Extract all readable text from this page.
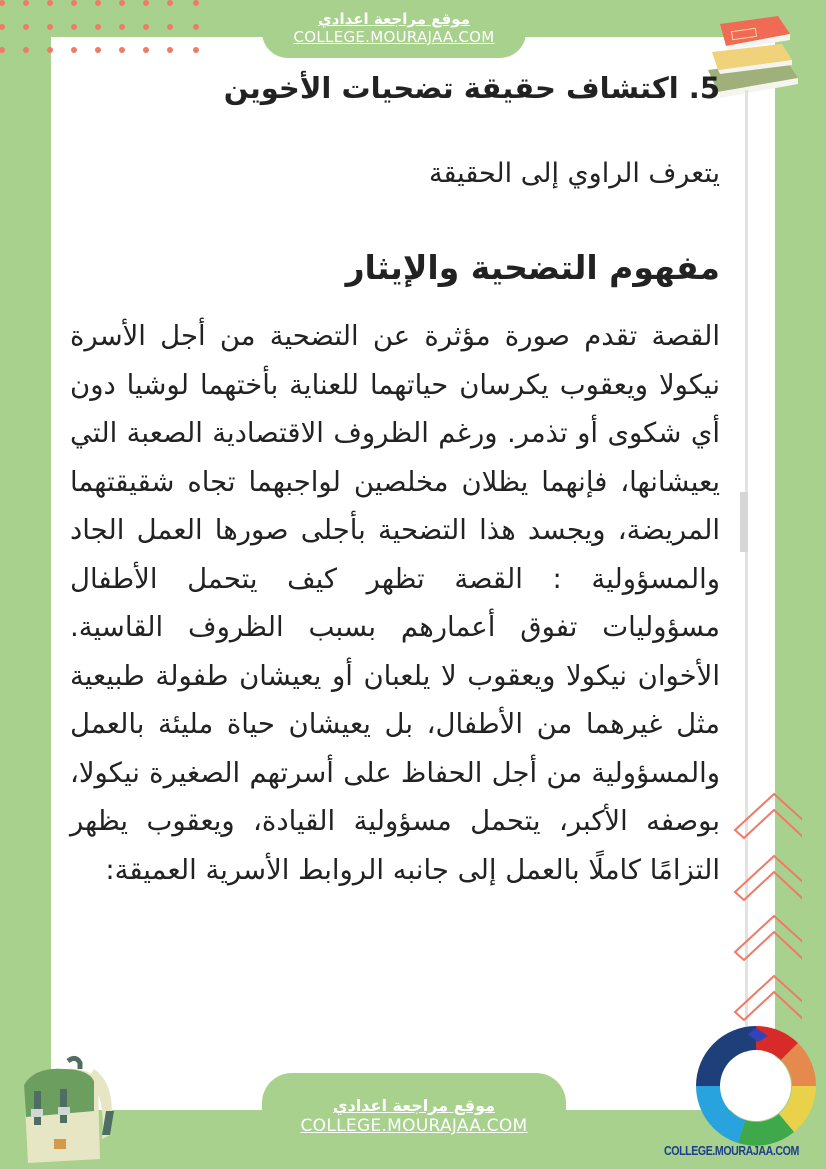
موقع مراجعة اعدادي
COLLEGE.MOURAJAA.COM
5. اكتشاف حقيقة تضحيات الأخوين
يتعرف الراوي إلى الحقيقة
مفهوم التضحية والإيثار
القصة تقدم صورة مؤثرة عن التضحية من أجل الأسرة نيكولا ويعقوب يكرسان حياتهما للعناية بأختهما لوشيا دون أي شكوى أو تذمر. ورغم الظروف الاقتصادية الصعبة التي يعيشانها، فإنهما يظلان مخلصين لواجبهما تجاه شقيقتهما المريضة، ويجسد هذا التضحية بأجلى صورها العمل الجاد والمسؤولية : القصة تظهر كيف يتحمل الأطفال مسؤوليات تفوق أعمارهم بسبب الظروف القاسية. الأخوان نيكولا ويعقوب لا يلعبان أو يعيشان طفولة طبيعية مثل غيرهما من الأطفال، بل يعيشان حياة مليئة بالعمل والمسؤولية من أجل الحفاظ على أسرتهم الصغيرة نيكولا، بوصفه الأكبر، يتحمل مسؤولية القيادة، ويعقوب يظهر التزامًا كاملًا بالعمل إلى جانبه الروابط الأسرية العميقة:
موقع مراجعة اعدادي
COLLEGE.MOURAJAA.COM
COLLEGE.MOURAJAA.COM
